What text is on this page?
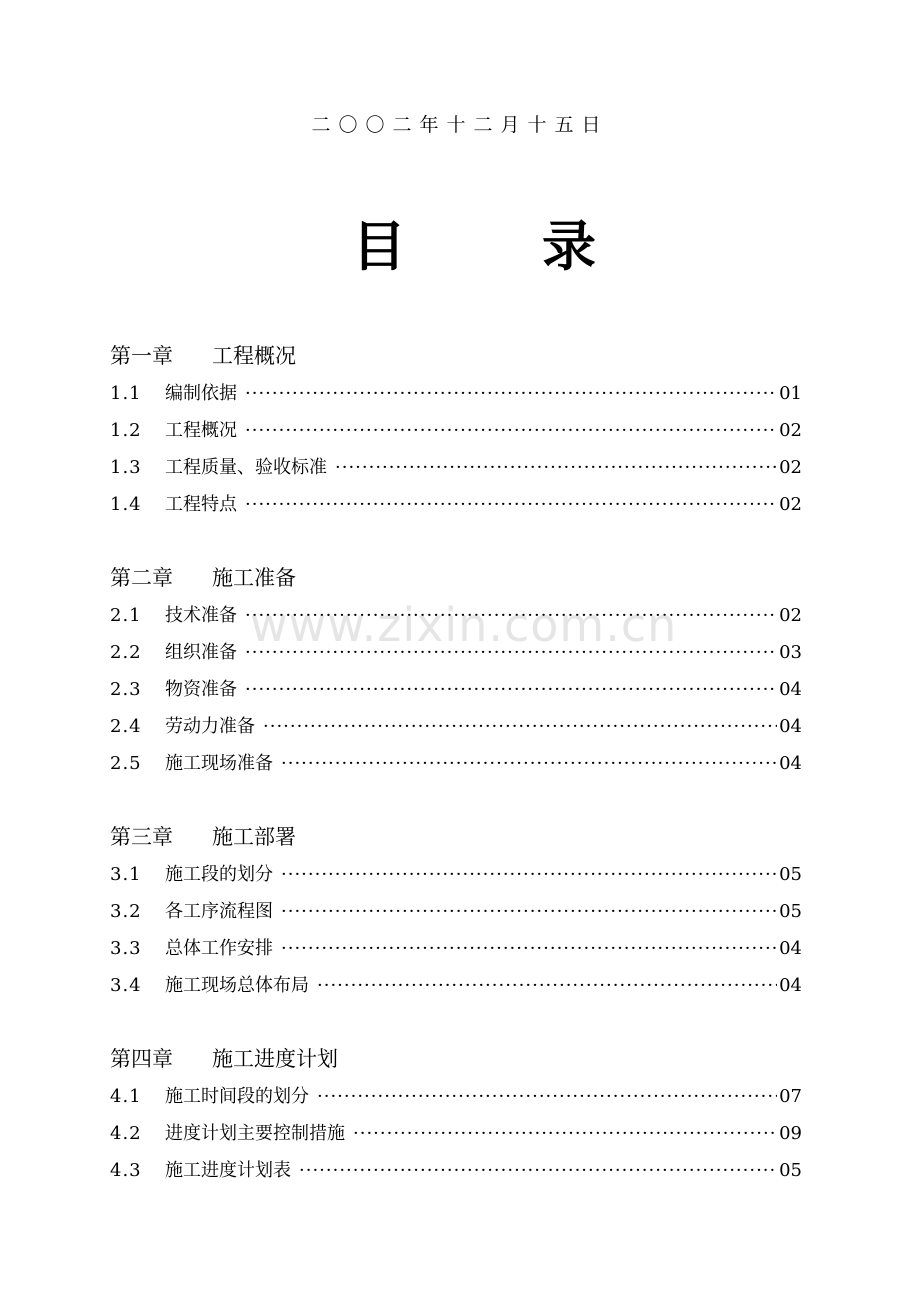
二〇〇二年十二月十五日
目	录
第一章 工程概况
1.1	编制依据 ·····	01
1.2	工程概况 ·····	02
1.3	工程质量、验收标准 ·····	02
1.4	工程特点 ·····	02
第二章 施工准备
2.1	技术准备 ·····	02
2.2	组织准备 ·····	03
2.3	物资准备 ·····	04
2.4	劳动力准备 ·····	04
2.5	施工现场准备 ·····	04
第三章 施工部署
3.1	施工段的划分 ·····	05
3.2	各工序流程图 ·····	05
3.3	总体工作安排 ·····	04
3.4	施工现场总体布局 ·····	04
第四章 施工进度计划
4.1	施工时间段的划分 ·····	07
4.2	进度计划主要控制措施 ·····	09
4.3	施工进度计划表 ·····	05
www.zixin.com.cn
